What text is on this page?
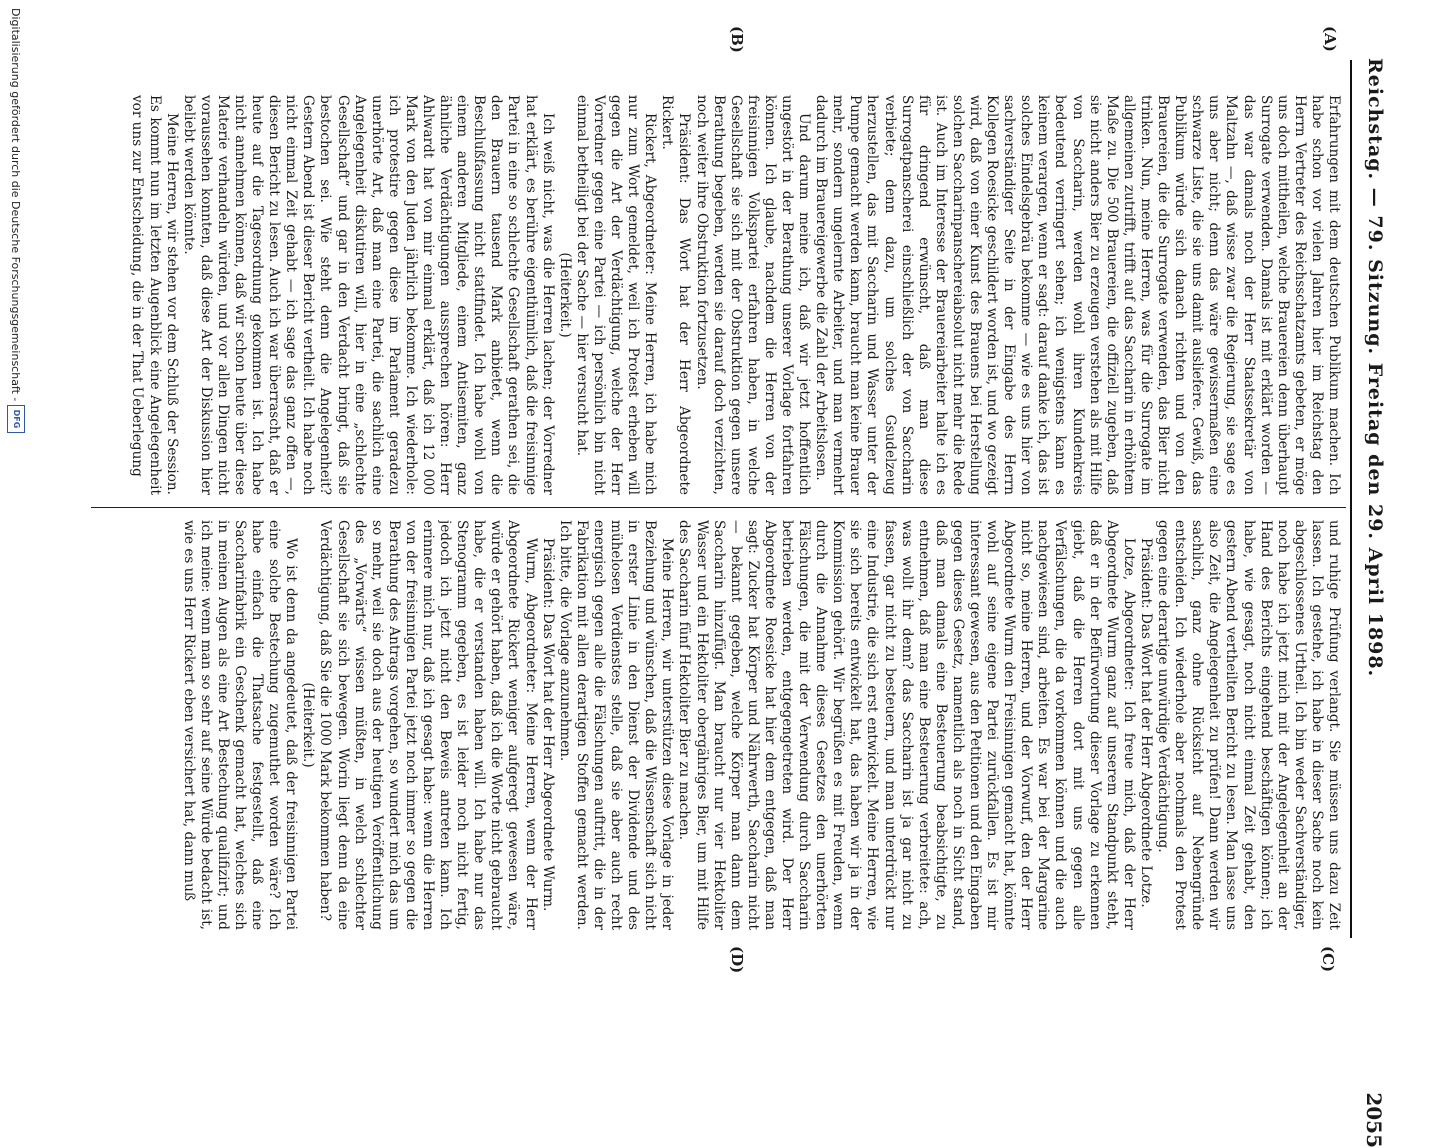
Reichstag. — 79. Sitzung. Freitag den 29. April 1898.
2055
(A)
(B)
(C)
(D)

Erfahrungen mit dem deutschen Publikum machen. Ich habe schon vor vielen Jahren hier im Reichstag den Herrn Vertreter des Reichsschatzamts gebeten, er möge uns doch mittheilen, welche Brauereien denn überhaupt Surrogate verwenden. Damals ist mit erklärt worden — das war damals noch der Herr Staatssekretär von Maltzahn —, daß wisse zwar die Regierung, sie sage es uns aber nicht; denn das wäre gewissermaßen eine schwarze Liste, die sie uns damit ausliefere. Gewiß, das Publikum würde sich danach richten und von den Brauereien, die die Surrogate verwenden, das Bier nicht trinken. Nun, meine Herren, was für die Surrogate im allgemeinen zutrifft, trifft auf das Saccharin in erhöhtem Maße zu. Die 500 Brauereien, die offiziell zugeben, daß sie nicht anders Bier zu erzeugen verstehen als mit Hilfe von Saccharin, werden wohl ihren Kundenkreis bedeutend verringert sehen; ich wenigstens kann es keinem verargen, wenn er sagt: darauf danke ich, das ist solches Eindelsgebräu bekomme — wie es uns hier von sachverständiger Seite in der Eingabe des Herrn Kollegen Roesicke geschildert worden ist, und wo gezeigt wird, daß von einer Kunst des Brauens bei Herstellung solchen Saccharinpanschereiabsolut nicht mehr die Rede ist. Auch im Interesse der Brauereiarbeiter halte ich es für dringend erwünscht, daß man diese Surrogatpanscherei einschließlich der von Saccharin verbiete; denn dazu, um solches Gsudelzeug herzustellen, das mit Saccharin und Wasser unter der Pumpe gemacht werden kann, braucht man keine Brauer mehr, sondern ungelernte Arbeiter, und man vermehrt dadurch im Brauereigewerbe die Zahl der Arbeitslosen.

Und darum meine ich, daß wir jetzt hoffentlich ungestört in der Berathung unserer Vorlage fortfahren können. Ich glaube, nachdem die Herren von der freisinnigen Volkspartei erfahren haben, in welche Gesellschaft sie sich mit der Obstruktion gegen unsere Berathung begeben, werden sie darauf doch verzichten, noch weiter ihre Obstruktion fortzusetzen.

Präsident: Das Wort hat der Herr Abgeordnete Rickert.

Rickert, Abgeordneter: Meine Herren, ich habe mich nur zum Wort gemeldet, weil ich Protest erheben will gegen die Art der Verdächtigung, welche der Herr Vorredner gegen eine Partei — ich persönlich bin nicht einmal betheiligt bei der Sache — hier versucht hat.

(Heiterkeit.)

Ich weiß nicht, was die Herren lachen; der Vorredner hat erklärt, es berühre eigenthümlich, daß die freisinnige Partei in eine so schlechte Gesellschaft gerathen sei, die den Brauern tausend Mark anbietet, wenn die Beschlußfassung nicht stattfindet. Ich habe wohl von einem anderen Mitgliede, einem Antisemiten, ganz ähnliche Verdächtigungen aussprechen hören: Herr Ahlwardt hat von mir einmal erklärt, daß ich 12 000 Mark von den Juden jährlich bekomme. Ich wiederhole: ich protestire gegen diese im Parlament geradezu unerhörte Art, daß man eine Partei, die sachlich eine Angelegenheit diskutiren will, hier in eine „schlechte Gesellschaft“ und gar in den Verdacht bringt, daß sie bestochen sei. Wie steht denn die Angelegenheit? Gestern Abend ist dieser Bericht vertheilt. Ich habe noch nicht einmal Zeit gehabt — ich sage das ganz offen —, diesen Bericht zu lesen. Auch ich war überrascht, daß er heute auf die Tagesordnung gekommen ist. Ich habe nicht annehmen können, daß wir schon heute über diese Materie verhandeln würden, und vor allen Dingen nicht voraussehen konnten, daß diese Art der Diskussion hier beliebt werden könnte.

Meine Herren, wir stehen vor dem Schluß der Session. Es kommt nun im letzten Augenblick eine Angelegenheit vor uns zur Entscheidung, die in der That Ueberlegung

und ruhige Prüfung verlangt. Sie müssen uns dazu Zeit lassen. Ich gestehe, ich habe in dieser Sache noch kein abgeschlossenes Urtheil. Ich bin weder Sachverständiger, noch habe ich jetzt mich mit der Angelegenheit an der Hand des Berichts eingehend beschäftigen können; ich habe, wie gesagt, noch nicht einmal Zeit gehabt, den gestern Abend vertheilten Bericht zu lesen. Man lasse uns also Zeit, die Angelegenheit zu prüfen! Dann werden wir sachlich, ganz ohne Rücksicht auf Nebengründe entscheiden. Ich wiederhole aber nochmals den Protest gegen eine derartige unwürdige Verdächtigung.

Präsident: Das Wort hat der Herr Abgeordnete Lotze.

Lotze, Abgeordneter: Ich freue mich, daß der Herr Abgeordnete Wurm ganz auf unserem Standpunkt steht, daß er in der Befürwortung dieser Vorlage zu erkennen giebt, daß die Herren dort mit uns gegen alle Verfälschungen, die da vorkommen können und die auch nachgewiesen sind, arbeiten. Es war bei der Margarine nicht so, meine Herren, und der Vorwurf, den der Herr Abgeordnete Wurm den Freisinnigen gemacht hat, könnte wohl auf seine eigene Partei zurückfallen. Es ist mir interessant gewesen, aus den Petitionen und den Eingaben gegen dieses Gesetz, namentlich als noch in Sicht stand, daß man damals eine Besteuerung beabsichtigte, zu entnehmen, daß man eine Besteuerung verbreitete: ach, was wollt ihr denn? das Saccharin ist ja gar nicht zu fassen, gar nicht zu besteuern, und man unterdrückt nur eine Industrie, die sich erst entwickelt. Meine Herren, wie sie sich bereits entwickelt hat, das haben wir ja in der Kommission gehört. Wir begrüßen es mit Freuden, wenn durch die Annahme dieses Gesetzes den unerhörten Fälschungen, die mit der Verwendung durch Saccharin betrieben werden, entgegengetreten wird. Der Herr Abgeordnete Roesicke hat hier dem entgegen, daß man sagt: Zucker hat Körper und Nährwerth, Saccharin nicht — bekannt gegeben, welche Körper man dann dem Saccharin hinzufügt. Man braucht nur vier Hektoliter Wasser und ein Hektoliter obergähriges Bier, um mit Hilfe des Saccharin fünf Hektoliter Bier zu machen.

Meine Herren, wir unterstützen diese Vorlage in jeder Beziehung und wünschen, daß die Wissenschaft sich nicht in erster Linie in den Dienst der Dividende und des mühelosen Verdienstes stelle, daß sie aber auch recht energisch gegen alle die Fälschungen auftritt, die in der Fabrikation mit allen derartigen Stoffen gemacht werden. Ich bitte, die Vorlage anzunehmen.

Präsident: Das Wort hat der Herr Abgeordnete Wurm.

Wurm, Abgeordneter: Meine Herren, wenn der Herr Abgeordnete Rickert weniger aufgeregt gewesen wäre, würde er gehört haben, daß ich die Worte nicht gebraucht habe, die er verstanden haben will. Ich habe nur das Stenogramm gegeben, es ist leider noch nicht fertig, jedoch ich jetzt nicht den Beweis antreten kann. Ich erinnere mich nur, daß ich gesagt habe: wenn die Herren von der freisinnigen Partei jetzt noch immer so gegen die Berathung des Antrags vorgehen, so wundert mich das um so mehr, weil sie doch aus der heutigen Veröffentlichung des „Vorwärts“ wissen müßten, in welch schlechter Gesellschaft sie sich bewegen. Worin liegt denn da eine Verdächtigung, daß Sie die 1000 Mark bekommen haben?

(Heiterkeit.)

Wo ist denn da angedeutet, daß der freisinnigen Partei eine solche Bestechung zugemuthet worden wäre? Ich habe einfach die Thatsache festgestellt, daß eine Saccharinfabrik ein Geschenk gemacht hat, welches sich in meinen Augen als eine Art Bestechung qualifizirt; und ich meine: wenn man so sehr auf seine Würde bedacht ist, wie es uns Herr Rickert eben versichert hat, dann muß

Digitalisierung gefördert durch die Deutsche Forschungsgemeinschaft -
DFG
